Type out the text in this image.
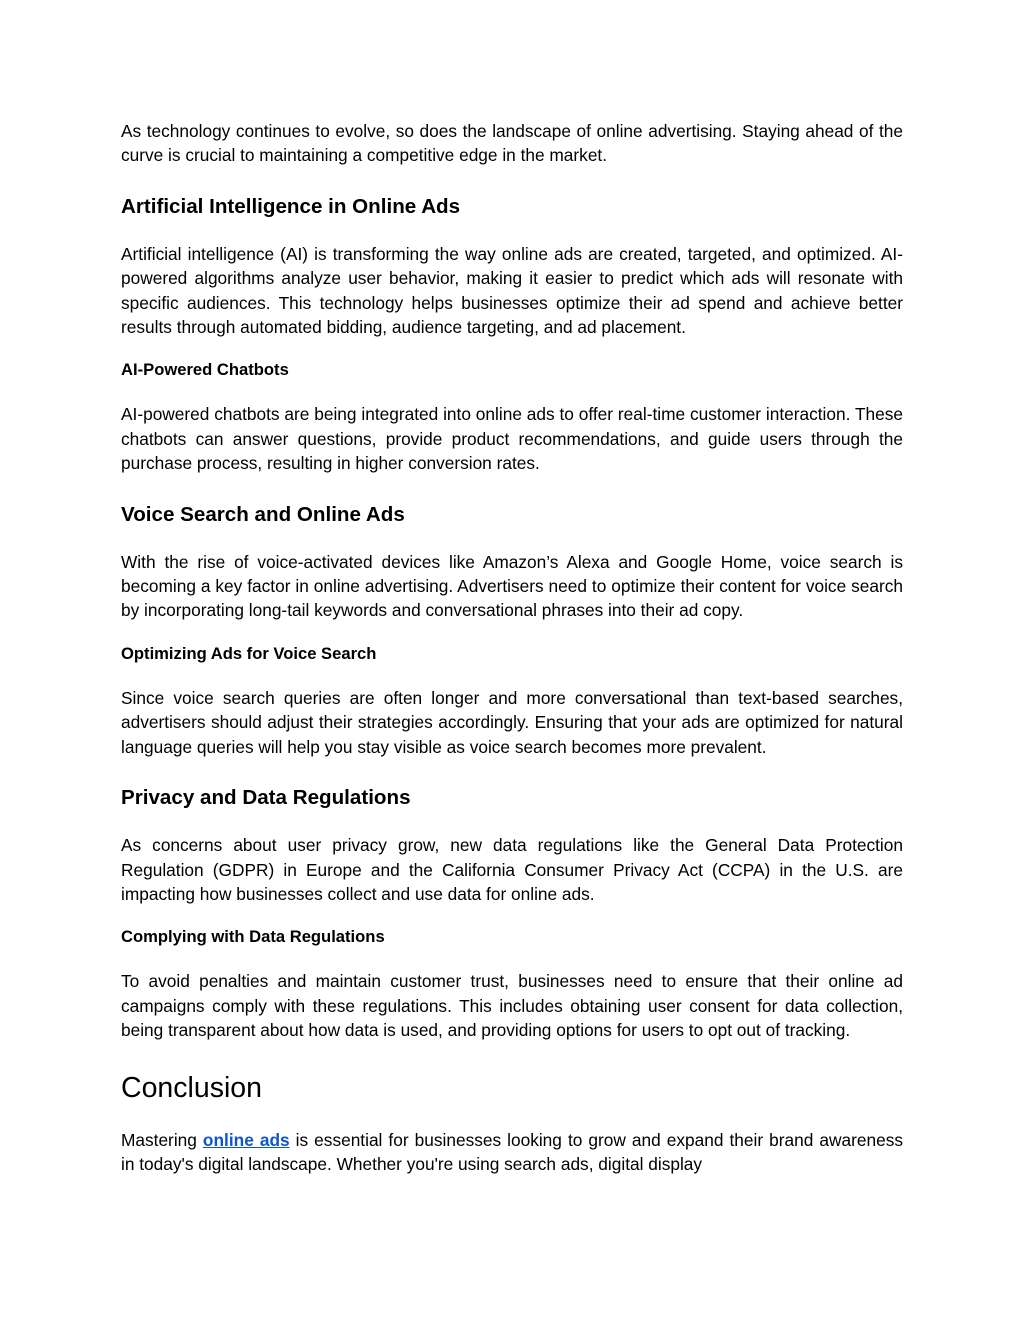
As technology continues to evolve, so does the landscape of online advertising. Staying ahead of the curve is crucial to maintaining a competitive edge in the market.

Artificial Intelligence in Online Ads

Artificial intelligence (AI) is transforming the way online ads are created, targeted, and optimized. AI-powered algorithms analyze user behavior, making it easier to predict which ads will resonate with specific audiences. This technology helps businesses optimize their ad spend and achieve better results through automated bidding, audience targeting, and ad placement.

AI-Powered Chatbots

AI-powered chatbots are being integrated into online ads to offer real-time customer interaction. These chatbots can answer questions, provide product recommendations, and guide users through the purchase process, resulting in higher conversion rates.

Voice Search and Online Ads

With the rise of voice-activated devices like Amazon’s Alexa and Google Home, voice search is becoming a key factor in online advertising. Advertisers need to optimize their content for voice search by incorporating long-tail keywords and conversational phrases into their ad copy.

Optimizing Ads for Voice Search

Since voice search queries are often longer and more conversational than text-based searches, advertisers should adjust their strategies accordingly. Ensuring that your ads are optimized for natural language queries will help you stay visible as voice search becomes more prevalent.

Privacy and Data Regulations

As concerns about user privacy grow, new data regulations like the General Data Protection Regulation (GDPR) in Europe and the California Consumer Privacy Act (CCPA) in the U.S. are impacting how businesses collect and use data for online ads.

Complying with Data Regulations

To avoid penalties and maintain customer trust, businesses need to ensure that their online ad campaigns comply with these regulations. This includes obtaining user consent for data collection, being transparent about how data is used, and providing options for users to opt out of tracking.

Conclusion

Mastering online ads is essential for businesses looking to grow and expand their brand awareness in today's digital landscape. Whether you're using search ads, digital display
